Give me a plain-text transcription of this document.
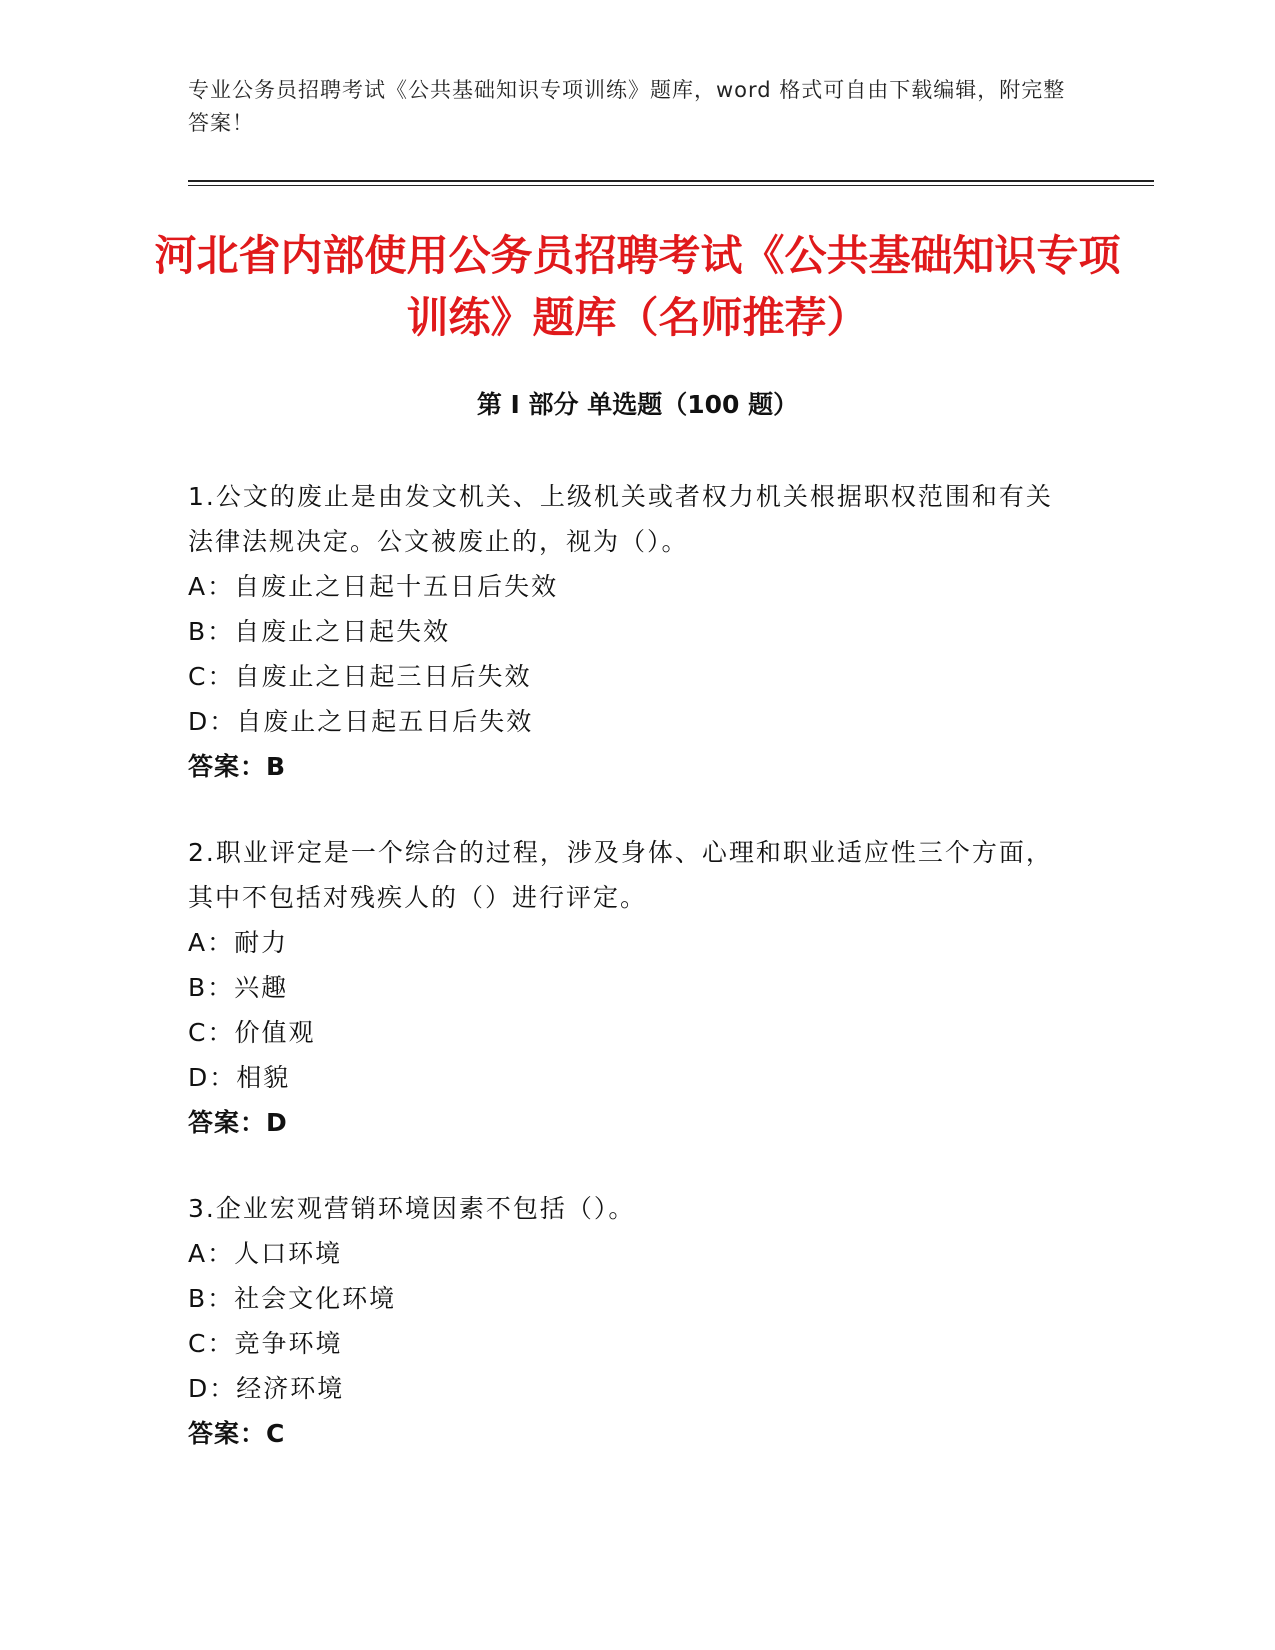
专业公务员招聘考试《公共基础知识专项训练》题库，word 格式可自由下载编辑，附完整答案！
河北省内部使用公务员招聘考试《公共基础知识专项训练》题库（名师推荐）
第 I 部分 单选题（100 题）
1.公文的废止是由发文机关、上级机关或者权力机关根据职权范围和有关法律法规决定。公文被废止的，视为（）。
A：自废止之日起十五日后失效
B：自废止之日起失效
C：自废止之日起三日后失效
D：自废止之日起五日后失效
答案：B
2.职业评定是一个综合的过程，涉及身体、心理和职业适应性三个方面，其中不包括对残疾人的（）进行评定。
A：耐力
B：兴趣
C：价值观
D：相貌
答案：D
3.企业宏观营销环境因素不包括（）。
A：人口环境
B：社会文化环境
C：竞争环境
D：经济环境
答案：C
